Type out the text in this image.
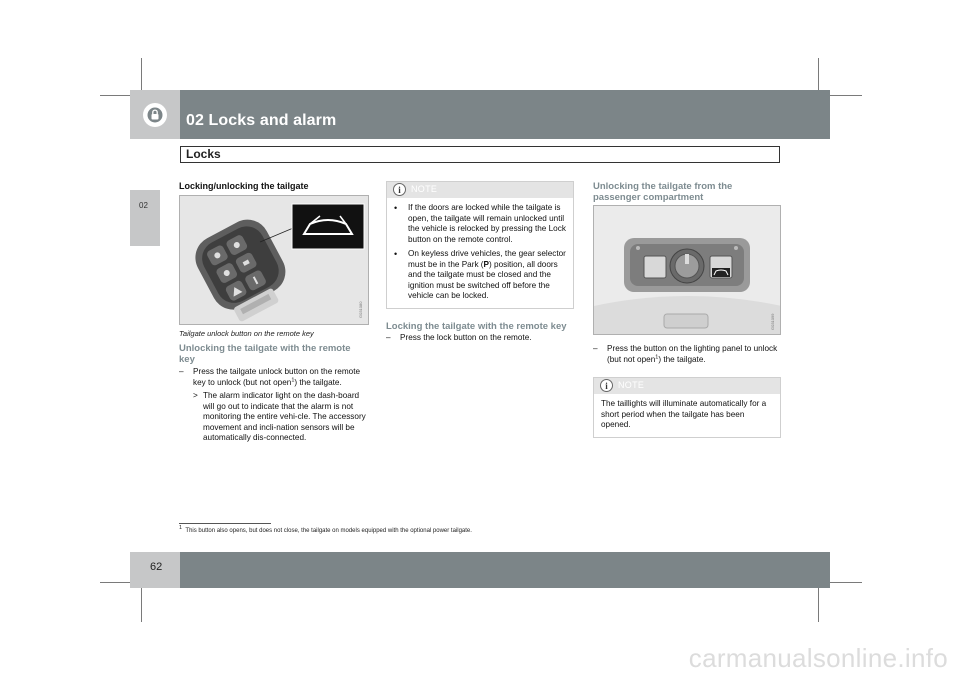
02 Locks and alarm
Locks
02
Locking/unlocking the tailgate
G031080
Tailgate unlock button on the remote key
Unlocking the tailgate with the remote key
–	Press the tailgate unlock button on the remote key to unlock (but not open$^1$) the tailgate.
> The alarm indicator light on the dash-board will go out to indicate that the alarm is not monitoring the entire vehi-cle. The accessory movement and incli-nation sensors will be automatically dis-connected.
i	NOTE
•	If the doors are locked while the tailgate is open, the tailgate will remain unlocked until the vehicle is relocked by pressing the Lock button on the remote control.
•	On keyless drive vehicles, the gear selector must be in the Park (P) position, all doors and the tailgate must be closed and the ignition must be switched off before the vehicle can be locked.
Locking the tailgate with the remote key
–	Press the lock button on the remote.
Unlocking the tailgate from the passenger compartment
G031099
–	Press the button on the lighting panel to unlock (but not open$^1$) the tailgate.
i	NOTE
The taillights will illuminate automatically for a short period when the tailgate has been opened.
$^1$ This button also opens, but does not close, the tailgate on models equipped with the optional power tailgate.
62
carmanualsonline.info
